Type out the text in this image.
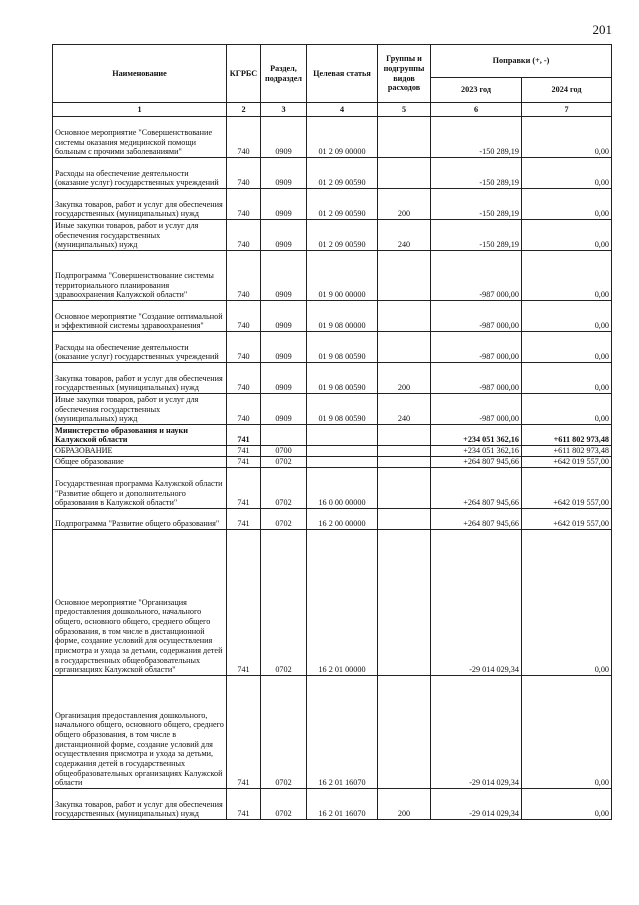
201
Наименование	КГРБС	Раздел, подраздел	Целевая статья	Группы и подгруппы видов расходов	Поправки (+, -)	
					2023 год	2024 год
1	2	3	4	5	6	7
Основное мероприятие "Совершенствование системы оказания медицинской помощи больным с прочими заболеваниями"	740	0909	01 2 09 00000		-150 289,19	0,00
Расходы на обеспечение деятельности (оказание услуг) государственных учреждений	740	0909	01 2 09 00590		-150 289,19	0,00
Закупка товаров, работ и услуг для обеспечения государственных (муниципальных) нужд	740	0909	01 2 09 00590	200	-150 289,19	0,00
Иные закупки товаров, работ и услуг для обеспечения государственных (муниципальных) нужд	740	0909	01 2 09 00590	240	-150 289,19	0,00
Подпрограмма "Совершенствование системы территориального планирования здравоохранения Калужской области"	740	0909	01 9 00 00000		-987 000,00	0,00
Основное мероприятие "Создание оптимальной и эффективной системы здравоохранения"	740	0909	01 9 08 00000		-987 000,00	0,00
Расходы на обеспечение деятельности (оказание услуг) государственных учреждений	740	0909	01 9 08 00590		-987 000,00	0,00
Закупка товаров, работ и услуг для обеспечения государственных (муниципальных) нужд	740	0909	01 9 08 00590	200	-987 000,00	0,00
Иные закупки товаров, работ и услуг для обеспечения государственных (муниципальных) нужд	740	0909	01 9 08 00590	240	-987 000,00	0,00
Министерство образования и науки Калужской области	741				+234 051 362,16	+611 802 973,48
ОБРАЗОВАНИЕ	741	0700			+234 051 362,16	+611 802 973,48
Общее образование	741	0702			+264 807 945,66	+642 019 557,00
Государственная программа Калужской области "Развитие общего и дополнительного образования в Калужской области"	741	0702	16 0 00 00000		+264 807 945,66	+642 019 557,00
Подпрограмма "Развитие общего образования"	741	0702	16 2 00 00000		+264 807 945,66	+642 019 557,00
Основное мероприятие "Организация предоставления дошкольного, начального общего, основного общего, среднего общего образования, в том числе в дистанционной форме, создание условий для осуществления присмотра и ухода за детьми, содержания детей в государственных общеобразовательных организациях Калужской области"	741	0702	16 2 01 00000		-29 014 029,34	0,00
Организация предоставления дошкольного, начального общего, основного общего, среднего общего образования, в том числе в дистанционной форме, создание условий для осуществления присмотра и ухода за детьми, содержания детей в государственных общеобразовательных организациях Калужской области	741	0702	16 2 01 16070		-29 014 029,34	0,00
Закупка товаров, работ и услуг для обеспечения государственных (муниципальных) нужд	741	0702	16 2 01 16070	200	-29 014 029,34	0,00
